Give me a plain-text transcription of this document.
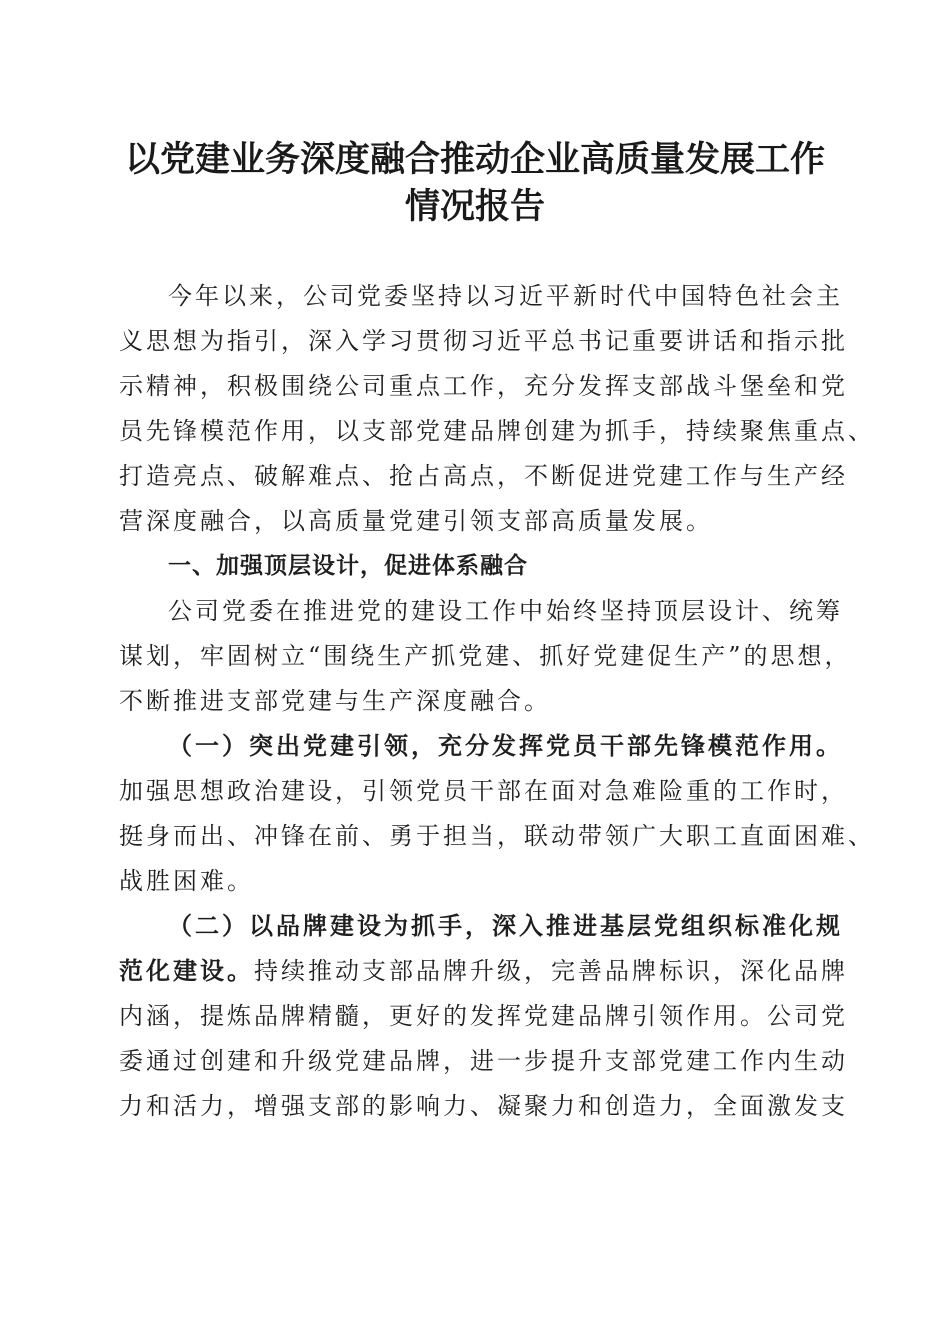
以党建业务深度融合推动企业高质量发展工作
情况报告
今年以来，公司党委坚持以习近平新时代中国特色社会主
义思想为指引，深入学习贯彻习近平总书记重要讲话和指示批
示精神，积极围绕公司重点工作，充分发挥支部战斗堡垒和党
员先锋模范作用，以支部党建品牌创建为抓手，持续聚焦重点、
打造亮点、破解难点、抢占高点，不断促进党建工作与生产经
营深度融合，以高质量党建引领支部高质量发展。
一、加强顶层设计，促进体系融合
公司党委在推进党的建设工作中始终坚持顶层设计、统筹
谋划，牢固树立“围绕生产抓党建、抓好党建促生产”的思想，
不断推进支部党建与生产深度融合。
（一）突出党建引领，充分发挥党员干部先锋模范作用。
加强思想政治建设，引领党员干部在面对急难险重的工作时，
挺身而出、冲锋在前、勇于担当，联动带领广大职工直面困难、
战胜困难。
（二）以品牌建设为抓手，深入推进基层党组织标准化规
范化建设。持续推动支部品牌升级，完善品牌标识，深化品牌
内涵，提炼品牌精髓，更好的发挥党建品牌引领作用。公司党
委通过创建和升级党建品牌，进一步提升支部党建工作内生动
力和活力，增强支部的影响力、凝聚力和创造力，全面激发支
